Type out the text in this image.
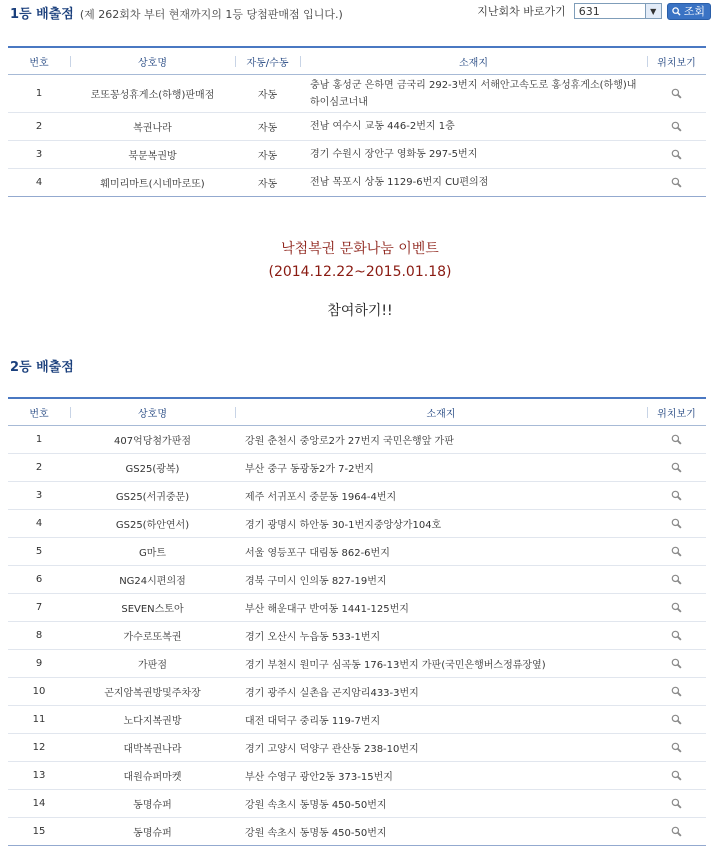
1등 배출점 (제 262회차 부터 현재까지의 1등 당첨판매점 입니다.)	지난회차 바로가기	631	▼	조회
번호	상호명	자동/수동	소재지	위치보기
1	로또꽁성휴게소(하행)판매점	자동	충남 홍성군 은하면 금국리 292-3번지 서해안고속도로 홍성휴게소(하행)내
하이심코너내

2	복권나라	자동	전남 여수시 교동 446-2번지 1층

3	북문복권방	자동	경기 수원시 장안구 영화동 297-5번지

4	훼미리마트(시네마로또)	자동	전남 목포시 상동 1129-6번지 CU편의점

낙첨복권 문화나눔 이벤트
(2014.12.22~2015.01.18)
참여하기!!
2등 배출점
번호	상호명	소재지	위치보기
1	407억당첨가판점	강원 춘천시 중앙로2가 27번지 국민은행앞 가판	
2	GS25(광복)	부산 중구 동광동2가 7-2번지	
3	GS25(서귀중문)	제주 서귀포시 중문동 1964-4번지	
4	GS25(하안연서)	경기 광명시 하안동 30-1번지중앙상가104호	
5	G마트	서울 영등포구 대림동 862-6번지	
6	NG24시편의점	경북 구미시 인의동 827-19번지	
7	SEVEN스토아	부산 해운대구 반여동 1441-125번지	
8	가수로또복권	경기 오산시 누읍동 533-1번지	
9	가판점	경기 부천시 원미구 심곡동 176-13번지 가판(국민은행버스정류장옆)	
10	곤지암복권방및주차장	경기 광주시 실촌읍 곤지암리433-3번지	
11	노다지복권방	대전 대덕구 중리동 119-7번지	
12	대박복권나라	경기 고양시 덕양구 관산동 238-10번지	
13	대원슈퍼마켓	부산 수영구 광안2동 373-15번지	
14	동명슈퍼	강원 속초시 동명동 450-50번지	
15	동명슈퍼	강원 속초시 동명동 450-50번지	
